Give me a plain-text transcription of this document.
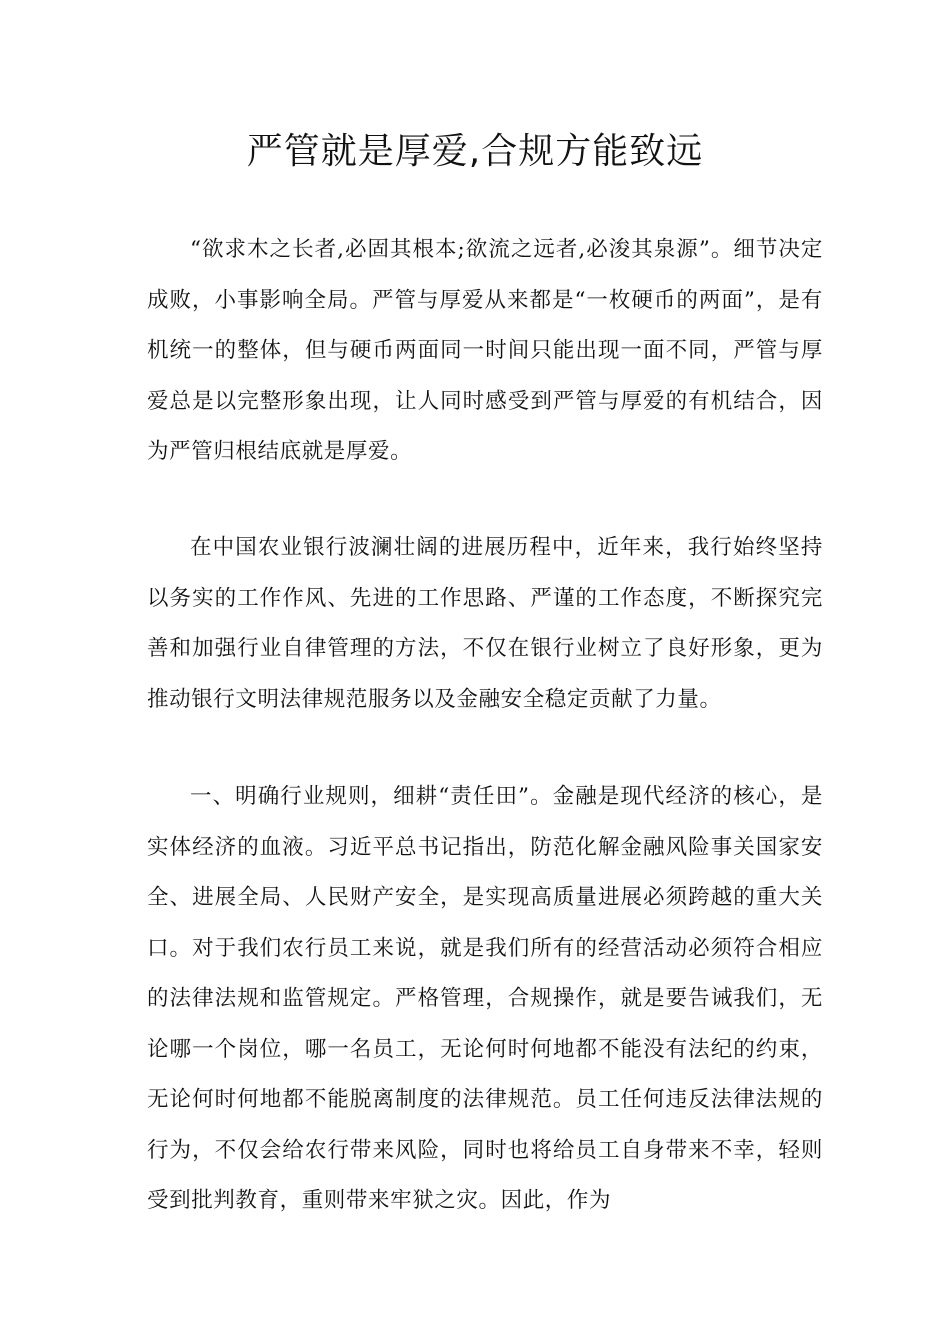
严管就是厚爱,合规方能致远

“欲求木之长者,必固其根本;欲流之远者,必浚其泉源”。细节决定成败，小事影响全局。严管与厚爱从来都是“一枚硬币的两面”，是有机统一的整体，但与硬币两面同一时间只能出现一面不同，严管与厚爱总是以完整形象出现，让人同时感受到严管与厚爱的有机结合，因为严管归根结底就是厚爱。

在中国农业银行波澜壮阔的进展历程中，近年来，我行始终坚持以务实的工作作风、先进的工作思路、严谨的工作态度，不断探究完善和加强行业自律管理的方法，不仅在银行业树立了良好形象，更为推动银行文明法律规范服务以及金融安全稳定贡献了力量。

一、明确行业规则，细耕“责任田”。金融是现代经济的核心，是实体经济的血液。习近平总书记指出，防范化解金融风险事关国家安全、进展全局、人民财产安全，是实现高质量进展必须跨越的重大关口。对于我们农行员工来说，就是我们所有的经营活动必须符合相应的法律法规和监管规定。严格管理，合规操作，就是要告诫我们，无论哪一个岗位，哪一名员工，无论何时何地都不能没有法纪的约束，无论何时何地都不能脱离制度的法律规范。员工任何违反法律法规的行为，不仅会给农行带来风险，同时也将给员工自身带来不幸，轻则受到批判教育，重则带来牢狱之灾。因此，作为
